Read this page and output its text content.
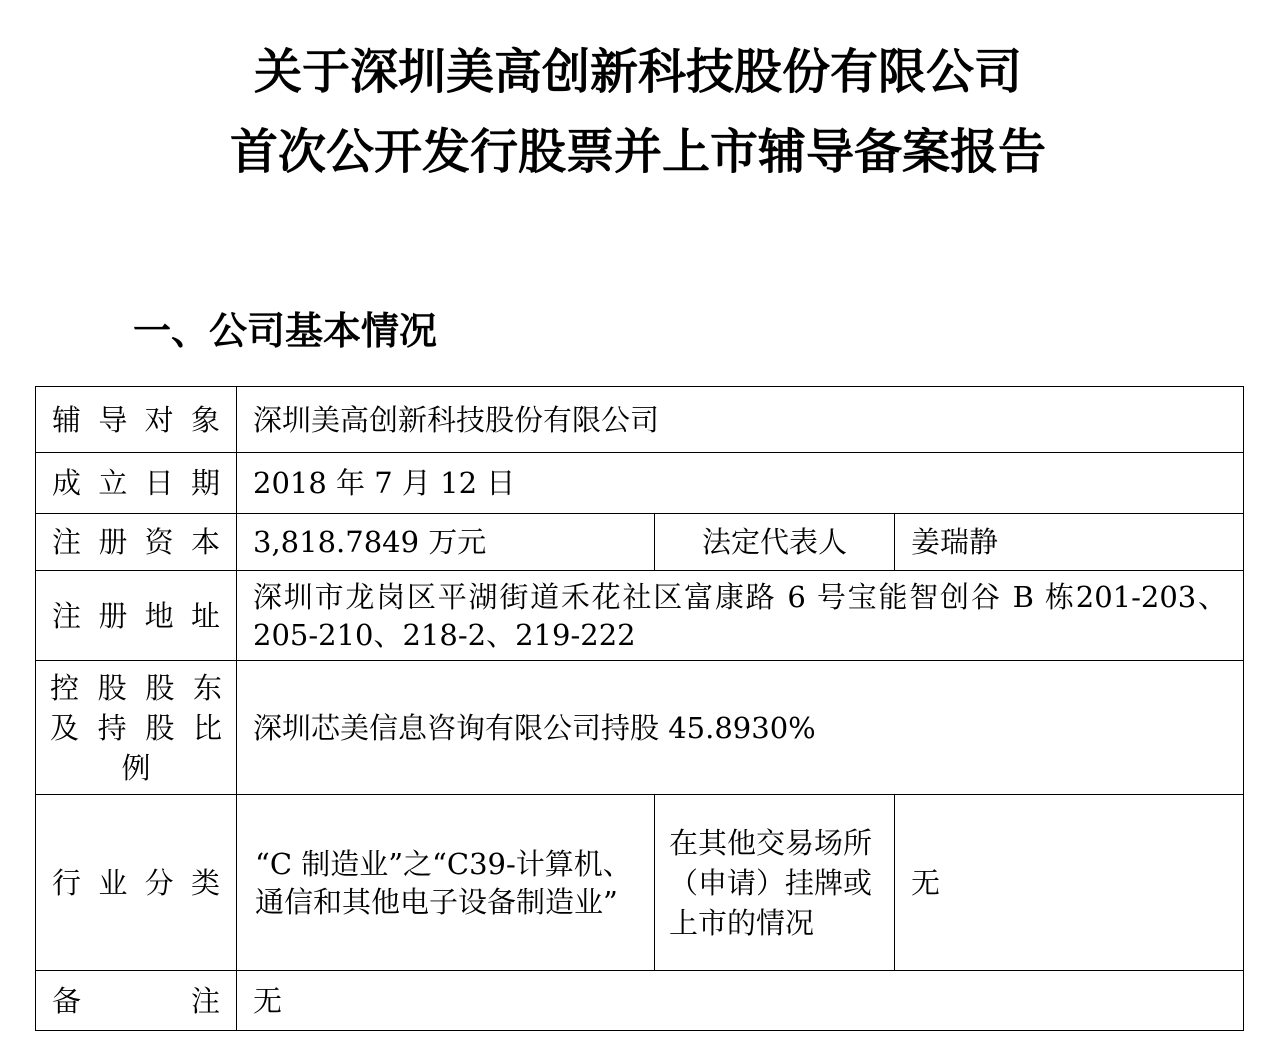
关于深圳美高创新科技股份有限公司
首次公开发行股票并上市辅导备案报告
一、公司基本情况
辅导对象	深圳美高创新科技股份有限公司		
成立日期	2018 年 7 月 12 日		
注册资本	3,818.7849 万元	法定代表人	姜瑞静
注册地址	深圳市龙岗区平湖街道禾花社区富康路 6 号宝能智创谷 B 栋201-203、205-210、218-2、219-222		

控股股东
及持股比
例	深圳芯美信息咨询有限公司持股 45.8930%		
行业分类	“C 制造业”之“C39-计算机、通信和其他电子设备制造业”	在其他交易场所（申请）挂牌或上市的情况	无
备注	无		
